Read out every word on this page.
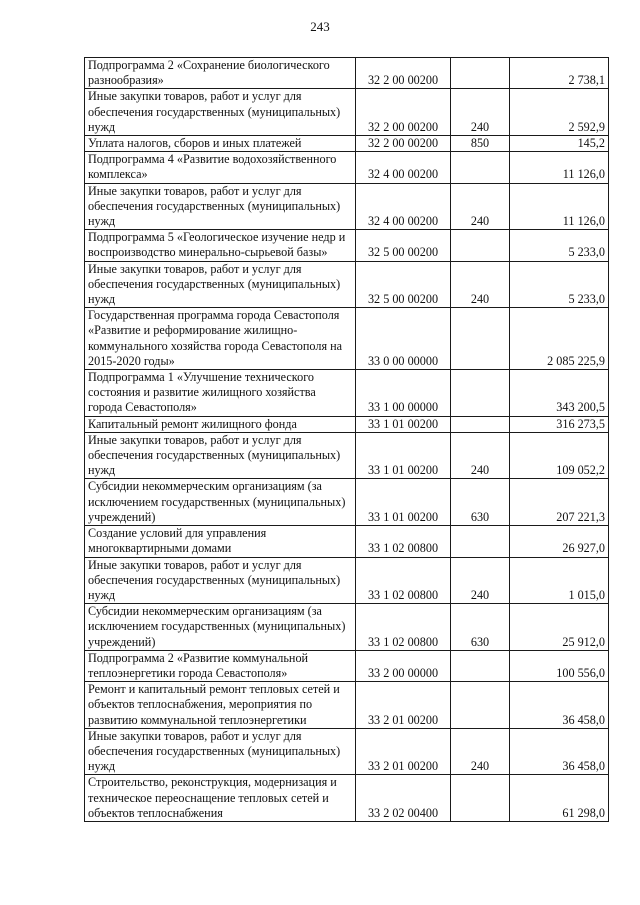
243
Подпрограмма 2 «Сохранение биологического разнообразия»	32 2 00 00200		2 738,1
Иные закупки товаров, работ и услуг для обеспечения государственных (муниципальных) нужд	32 2 00 00200	240	2 592,9
Уплата налогов, сборов и иных платежей	32 2 00 00200	850	145,2
Подпрограмма 4 «Развитие водохозяйственного комплекса»	32 4 00 00200		11 126,0
Иные закупки товаров, работ и услуг для обеспечения государственных (муниципальных) нужд	32 4 00 00200	240	11 126,0
Подпрограмма 5 «Геологическое изучение недр и воспроизводство минерально-сырьевой базы»	32 5 00 00200		5 233,0
Иные закупки товаров, работ и услуг для обеспечения государственных (муниципальных) нужд	32 5 00 00200	240	5 233,0
Государственная программа города Севастополя «Развитие и реформирование жилищно-коммунального хозяйства города Севастополя на 2015-2020 годы»	33 0 00 00000		2 085 225,9
Подпрограмма 1 «Улучшение технического состояния и развитие жилищного хозяйства города Севастополя»	33 1 00 00000		343 200,5
Капитальный ремонт жилищного фонда	33 1 01 00200		316 273,5
Иные закупки товаров, работ и услуг для обеспечения государственных (муниципальных) нужд	33 1 01 00200	240	109 052,2
Субсидии некоммерческим организациям (за исключением государственных (муниципальных) учреждений)	33 1 01 00200	630	207 221,3
Создание условий для управления многоквартирными домами	33 1 02 00800		26 927,0
Иные закупки товаров, работ и услуг для обеспечения государственных (муниципальных) нужд	33 1 02 00800	240	1 015,0
Субсидии некоммерческим организациям (за исключением государственных (муниципальных) учреждений)	33 1 02 00800	630	25 912,0
Подпрограмма 2 «Развитие коммунальной теплоэнергетики города Севастополя»	33 2 00 00000		100 556,0
Ремонт и капитальный ремонт тепловых сетей и объектов теплоснабжения, мероприятия по развитию коммунальной теплоэнергетики	33 2 01 00200		36 458,0
Иные закупки товаров, работ и услуг для обеспечения государственных (муниципальных) нужд	33 2 01 00200	240	36 458,0
Строительство, реконструкция, модернизация и техническое переоснащение тепловых сетей и объектов теплоснабжения	33 2 02 00400		61 298,0
